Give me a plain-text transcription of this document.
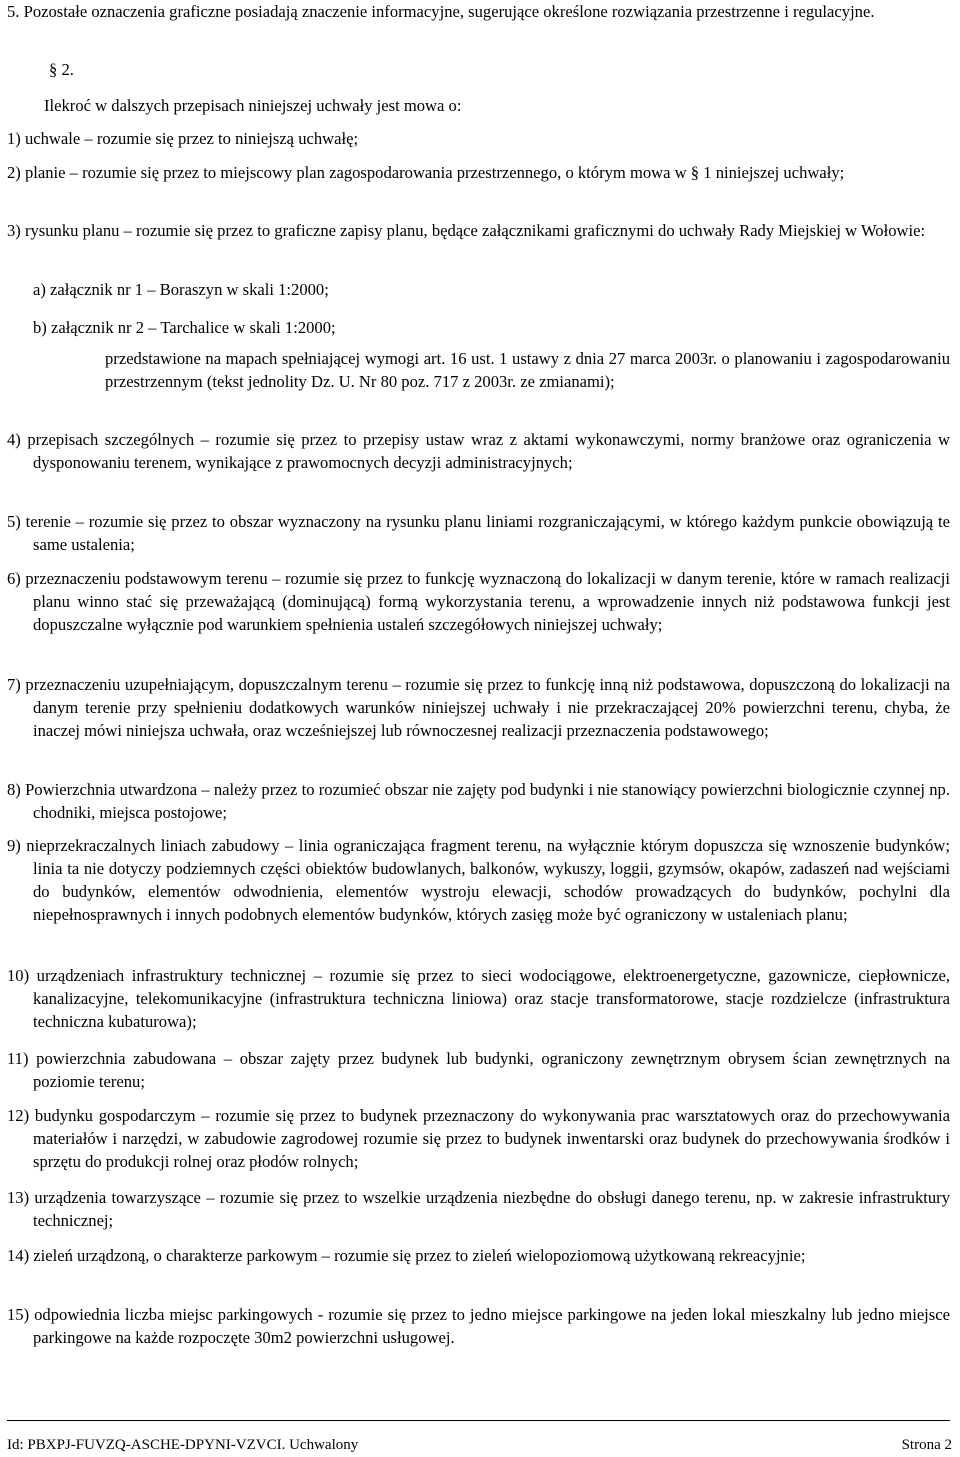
5. Pozostałe oznaczenia graficzne posiadają znaczenie informacyjne, sugerujące określone rozwiązania przestrzenne i regulacyjne.
§ 2.
Ilekroć w dalszych przepisach niniejszej uchwały jest mowa o:
1) uchwale – rozumie się przez to niniejszą uchwałę;
2) planie – rozumie się przez to miejscowy plan zagospodarowania przestrzennego, o którym mowa w § 1 niniejszej uchwały;
3) rysunku planu – rozumie się przez to graficzne zapisy planu, będące załącznikami graficznymi do uchwały Rady Miejskiej w Wołowie:
a) załącznik nr 1 – Boraszyn w skali 1:2000;
b) załącznik nr 2 – Tarchalice w skali 1:2000;
przedstawione na mapach spełniającej wymogi art. 16 ust. 1 ustawy z dnia 27 marca 2003r. o planowaniu i zagospodarowaniu przestrzennym (tekst jednolity Dz. U. Nr 80 poz. 717 z 2003r. ze zmianami);
4) przepisach szczególnych – rozumie się przez to przepisy ustaw wraz z aktami wykonawczymi, normy branżowe oraz ograniczenia w dysponowaniu terenem, wynikające z prawomocnych decyzji administracyjnych;
5) terenie – rozumie się przez to obszar wyznaczony na rysunku planu liniami rozgraniczającymi, w którego każdym punkcie obowiązują te same ustalenia;
6) przeznaczeniu podstawowym terenu – rozumie się przez to funkcję wyznaczoną do lokalizacji w danym terenie, które w ramach realizacji planu winno stać się przeważającą (dominującą) formą wykorzystania terenu, a wprowadzenie innych niż podstawowa funkcji jest dopuszczalne wyłącznie pod warunkiem spełnienia ustaleń szczegółowych niniejszej uchwały;
7) przeznaczeniu uzupełniającym, dopuszczalnym terenu – rozumie się przez to funkcję inną niż podstawowa, dopuszczoną do lokalizacji na danym terenie przy spełnieniu dodatkowych warunków niniejszej uchwały i nie przekraczającej 20% powierzchni terenu, chyba, że inaczej mówi niniejsza uchwała, oraz wcześniejszej lub równoczesnej realizacji przeznaczenia podstawowego;
8) Powierzchnia utwardzona – należy przez to rozumieć obszar nie zajęty pod budynki i nie stanowiący powierzchni biologicznie czynnej np. chodniki, miejsca postojowe;
9) nieprzekraczalnych liniach zabudowy – linia ograniczająca fragment terenu, na wyłącznie którym dopuszcza się wznoszenie budynków; linia ta nie dotyczy podziemnych części obiektów budowlanych, balkonów, wykuszy, loggii, gzymsów, okapów, zadaszeń nad wejściami do budynków, elementów odwodnienia, elementów wystroju elewacji, schodów prowadzących do budynków, pochylni dla niepełnosprawnych i innych podobnych elementów budynków, których zasięg może być ograniczony w ustaleniach planu;
10) urządzeniach infrastruktury technicznej – rozumie się przez to sieci wodociągowe, elektroenergetyczne, gazownicze, ciepłownicze, kanalizacyjne, telekomunikacyjne (infrastruktura techniczna liniowa) oraz stacje transformatorowe, stacje rozdzielcze (infrastruktura techniczna kubaturowa);
11) powierzchnia zabudowana – obszar zajęty przez budynek lub budynki, ograniczony zewnętrznym obrysem ścian zewnętrznych na poziomie terenu;
12) budynku gospodarczym – rozumie się przez to budynek przeznaczony do wykonywania prac warsztatowych oraz do przechowywania materiałów i narzędzi, w zabudowie zagrodowej rozumie się przez to budynek inwentarski oraz budynek do przechowywania środków i sprzętu do produkcji rolnej oraz płodów rolnych;
13) urządzenia towarzyszące – rozumie się przez to wszelkie urządzenia niezbędne do obsługi danego terenu, np. w zakresie infrastruktury technicznej;
14) zieleń urządzoną, o charakterze parkowym – rozumie się przez to zieleń wielopoziomową użytkowaną rekreacyjnie;
15) odpowiednia liczba miejsc parkingowych - rozumie się przez to jedno miejsce parkingowe na jeden lokal mieszkalny lub jedno miejsce parkingowe na każde rozpoczęte 30m2 powierzchni usługowej.
Id: PBXPJ-FUVZQ-ASCHE-DPYNI-VZVCI. Uchwalony	Strona 2
